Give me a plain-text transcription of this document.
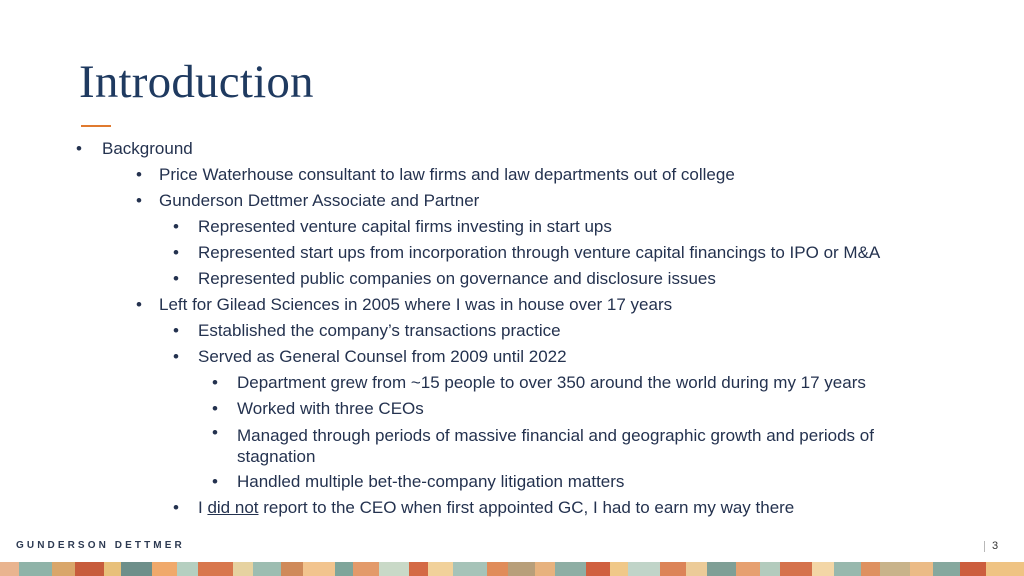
Introduction
• Background
• Price Waterhouse consultant to law firms and law departments out of college
• Gunderson Dettmer Associate and Partner
• Represented venture capital firms investing in start ups
• Represented start ups from incorporation through venture capital financings to IPO or M&A
• Represented public companies on governance and disclosure issues
• Left for Gilead Sciences in 2005 where I was in house over 17 years
• Established the company’s transactions practice
• Served as General Counsel from 2009 until 2022
• Department grew from ~15 people to over 350 around the world during my 17 years
• Worked with three CEOs
• Managed through periods of massive financial and geographic growth and periods of stagnation
• Handled multiple bet-the-company litigation matters
• I did not report to the CEO when first appointed GC, I had to earn my way there
GUNDERSON DETTMER	3
